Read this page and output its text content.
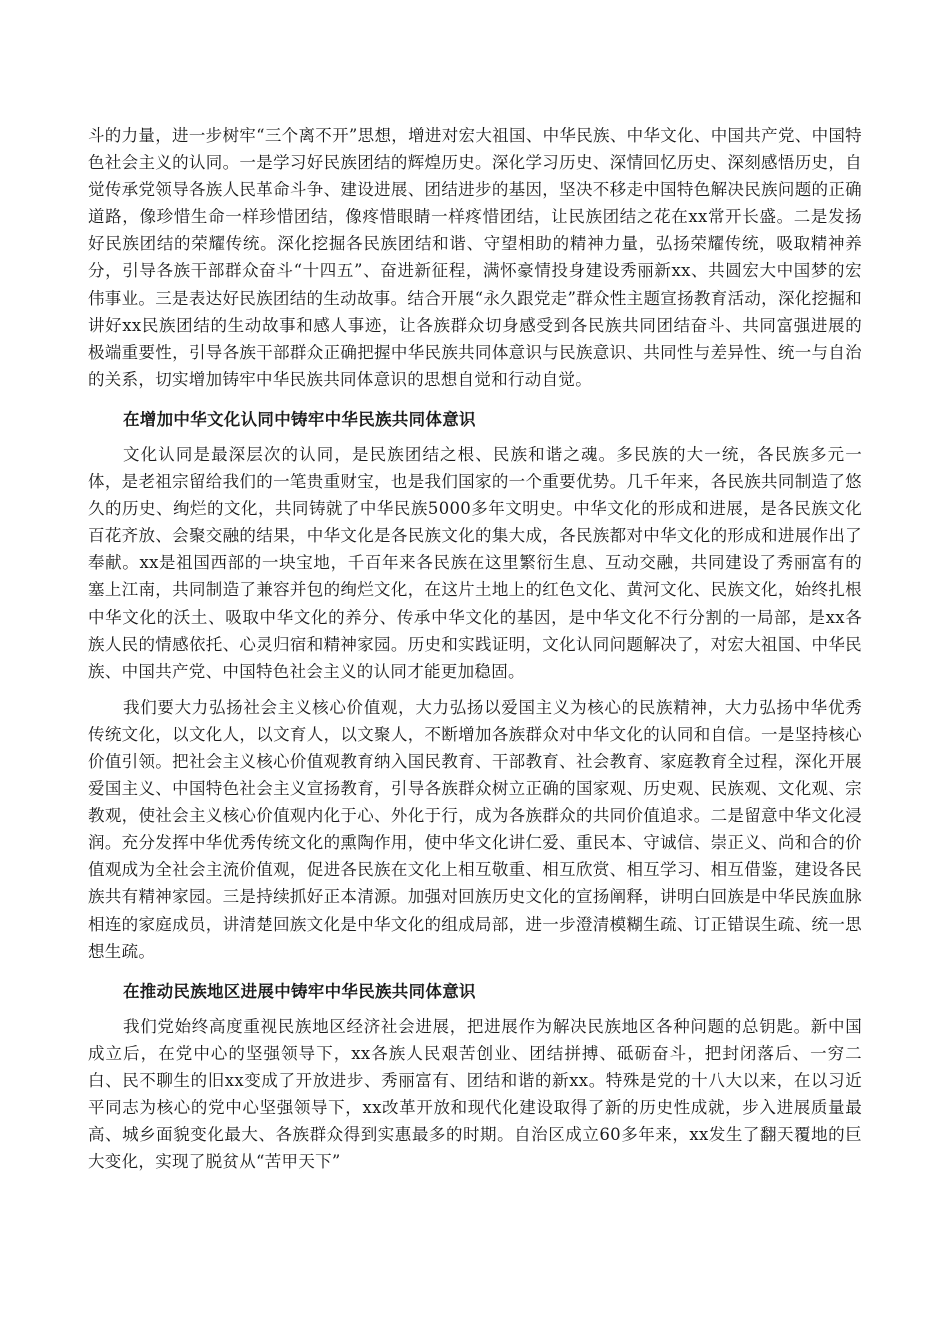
斗的力量，进一步树牢“三个离不开”思想，增进对宏大祖国、中华民族、中华文化、中国共产党、中国特色社会主义的认同。一是学习好民族团结的辉煌历史。深化学习历史、深情回忆历史、深刻感悟历史，自觉传承党领导各族人民革命斗争、建设进展、团结进步的基因，坚决不移走中国特色解决民族问题的正确道路，像珍惜生命一样珍惜团结，像疼惜眼睛一样疼惜团结，让民族团结之花在xx常开长盛。二是发扬好民族团结的荣耀传统。深化挖掘各民族团结和谐、守望相助的精神力量，弘扬荣耀传统，吸取精神养分，引导各族干部群众奋斗“十四五”、奋进新征程，满怀豪情投身建设秀丽新xx、共圆宏大中国梦的宏伟事业。三是表达好民族团结的生动故事。结合开展“永久跟党走”群众性主题宣扬教育活动，深化挖掘和讲好xx民族团结的生动故事和感人事迹，让各族群众切身感受到各民族共同团结奋斗、共同富强进展的极端重要性，引导各族干部群众正确把握中华民族共同体意识与民族意识、共同性与差异性、统一与自治的关系，切实增加铸牢中华民族共同体意识的思想自觉和行动自觉。

在增加中华文化认同中铸牢中华民族共同体意识

文化认同是最深层次的认同，是民族团结之根、民族和谐之魂。多民族的大一统，各民族多元一体，是老祖宗留给我们的一笔贵重财宝，也是我们国家的一个重要优势。几千年来，各民族共同制造了悠久的历史、绚烂的文化，共同铸就了中华民族5000多年文明史。中华文化的形成和进展，是各民族文化百花齐放、会聚交融的结果，中华文化是各民族文化的集大成，各民族都对中华文化的形成和进展作出了奉献。xx是祖国西部的一块宝地，千百年来各民族在这里繁衍生息、互动交融，共同建设了秀丽富有的塞上江南，共同制造了兼容并包的绚烂文化，在这片土地上的红色文化、黄河文化、民族文化，始终扎根中华文化的沃土、吸取中华文化的养分、传承中华文化的基因，是中华文化不行分割的一局部，是xx各族人民的情感依托、心灵归宿和精神家园。历史和实践证明，文化认同问题解决了，对宏大祖国、中华民族、中国共产党、中国特色社会主义的认同才能更加稳固。

我们要大力弘扬社会主义核心价值观，大力弘扬以爱国主义为核心的民族精神，大力弘扬中华优秀传统文化，以文化人，以文育人，以文聚人，不断增加各族群众对中华文化的认同和自信。一是坚持核心价值引领。把社会主义核心价值观教育纳入国民教育、干部教育、社会教育、家庭教育全过程，深化开展爱国主义、中国特色社会主义宣扬教育，引导各族群众树立正确的国家观、历史观、民族观、文化观、宗教观，使社会主义核心价值观内化于心、外化于行，成为各族群众的共同价值追求。二是留意中华文化浸润。充分发挥中华优秀传统文化的熏陶作用，使中华文化讲仁爱、重民本、守诚信、崇正义、尚和合的价值观成为全社会主流价值观，促进各民族在文化上相互敬重、相互欣赏、相互学习、相互借鉴，建设各民族共有精神家园。三是持续抓好正本清源。加强对回族历史文化的宣扬阐释，讲明白回族是中华民族血脉相连的家庭成员，讲清楚回族文化是中华文化的组成局部，进一步澄清模糊生疏、订正错误生疏、统一思想生疏。

在推动民族地区进展中铸牢中华民族共同体意识

我们党始终高度重视民族地区经济社会进展，把进展作为解决民族地区各种问题的总钥匙。新中国成立后，在党中心的坚强领导下，xx各族人民艰苦创业、团结拼搏、砥砺奋斗，把封闭落后、一穷二白、民不聊生的旧xx变成了开放进步、秀丽富有、团结和谐的新xx。特殊是党的十八大以来，在以习近平同志为核心的党中心坚强领导下，xx改革开放和现代化建设取得了新的历史性成就，步入进展质量最高、城乡面貌变化最大、各族群众得到实惠最多的时期。自治区成立60多年来，xx发生了翻天覆地的巨大变化，实现了脱贫从“苦甲天下”
